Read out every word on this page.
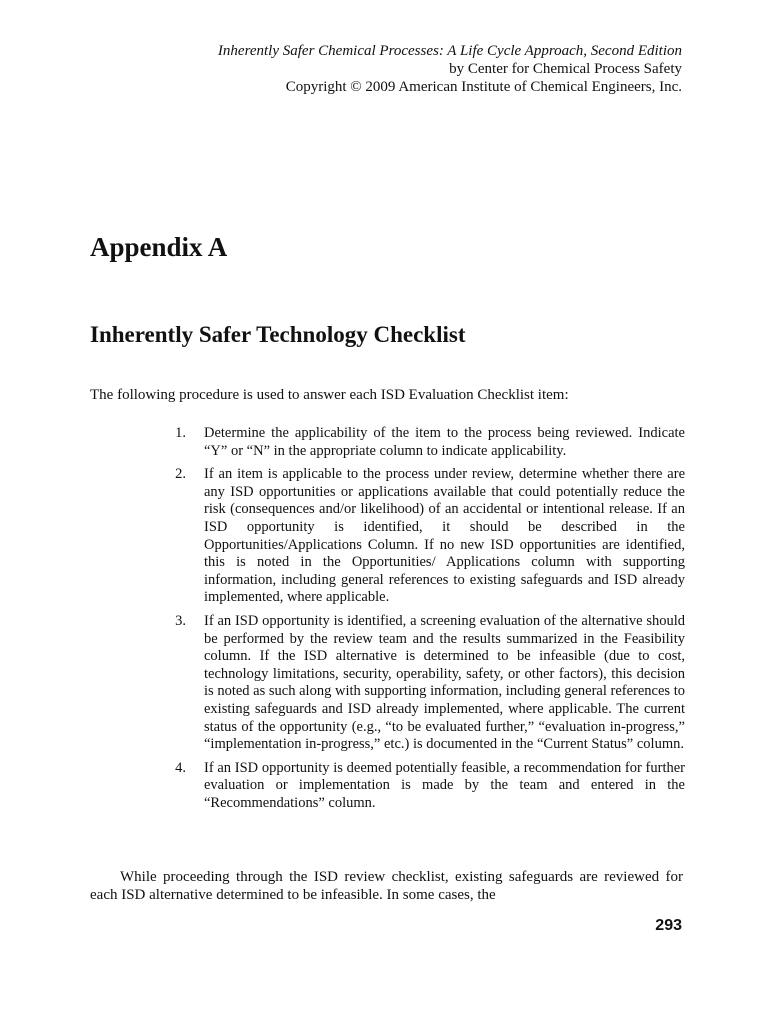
Inherently Safer Chemical Processes: A Life Cycle Approach, Second Edition
by Center for Chemical Process Safety
Copyright © 2009 American Institute of Chemical Engineers, Inc.
Appendix A
Inherently Safer Technology Checklist

The following procedure is used to answer each ISD Evaluation Checklist item:

1. Determine the applicability of the item to the process being reviewed. Indicate “Y” or “N” in the appropriate column to indicate applicability.
2. If an item is applicable to the process under review, determine whether there are any ISD opportunities or applications available that could potentially reduce the risk (consequences and/or likelihood) of an accidental or intentional release. If an ISD opportunity is identified, it should be described in the Opportunities/Applications Column. If no new ISD opportunities are identified, this is noted in the Opportunities/ Applications column with supporting information, including general references to existing safeguards and ISD already implemented, where applicable.
3. If an ISD opportunity is identified, a screening evaluation of the alternative should be performed by the review team and the results summarized in the Feasibility column. If the ISD alternative is determined to be infeasible (due to cost, technology limitations, security, operability, safety, or other factors), this decision is noted as such along with supporting information, including general references to existing safeguards and ISD already implemented, where applicable. The current status of the opportunity (e.g., “to be evaluated further,” “evaluation in-progress,” “implementation in-progress,” etc.) is documented in the “Current Status” column.
4. If an ISD opportunity is deemed potentially feasible, a recommendation for further evaluation or implementation is made by the team and entered in the “Recommendations” column.

While proceeding through the ISD review checklist, existing safeguards are reviewed for each ISD alternative determined to be infeasible. In some cases, the

293
